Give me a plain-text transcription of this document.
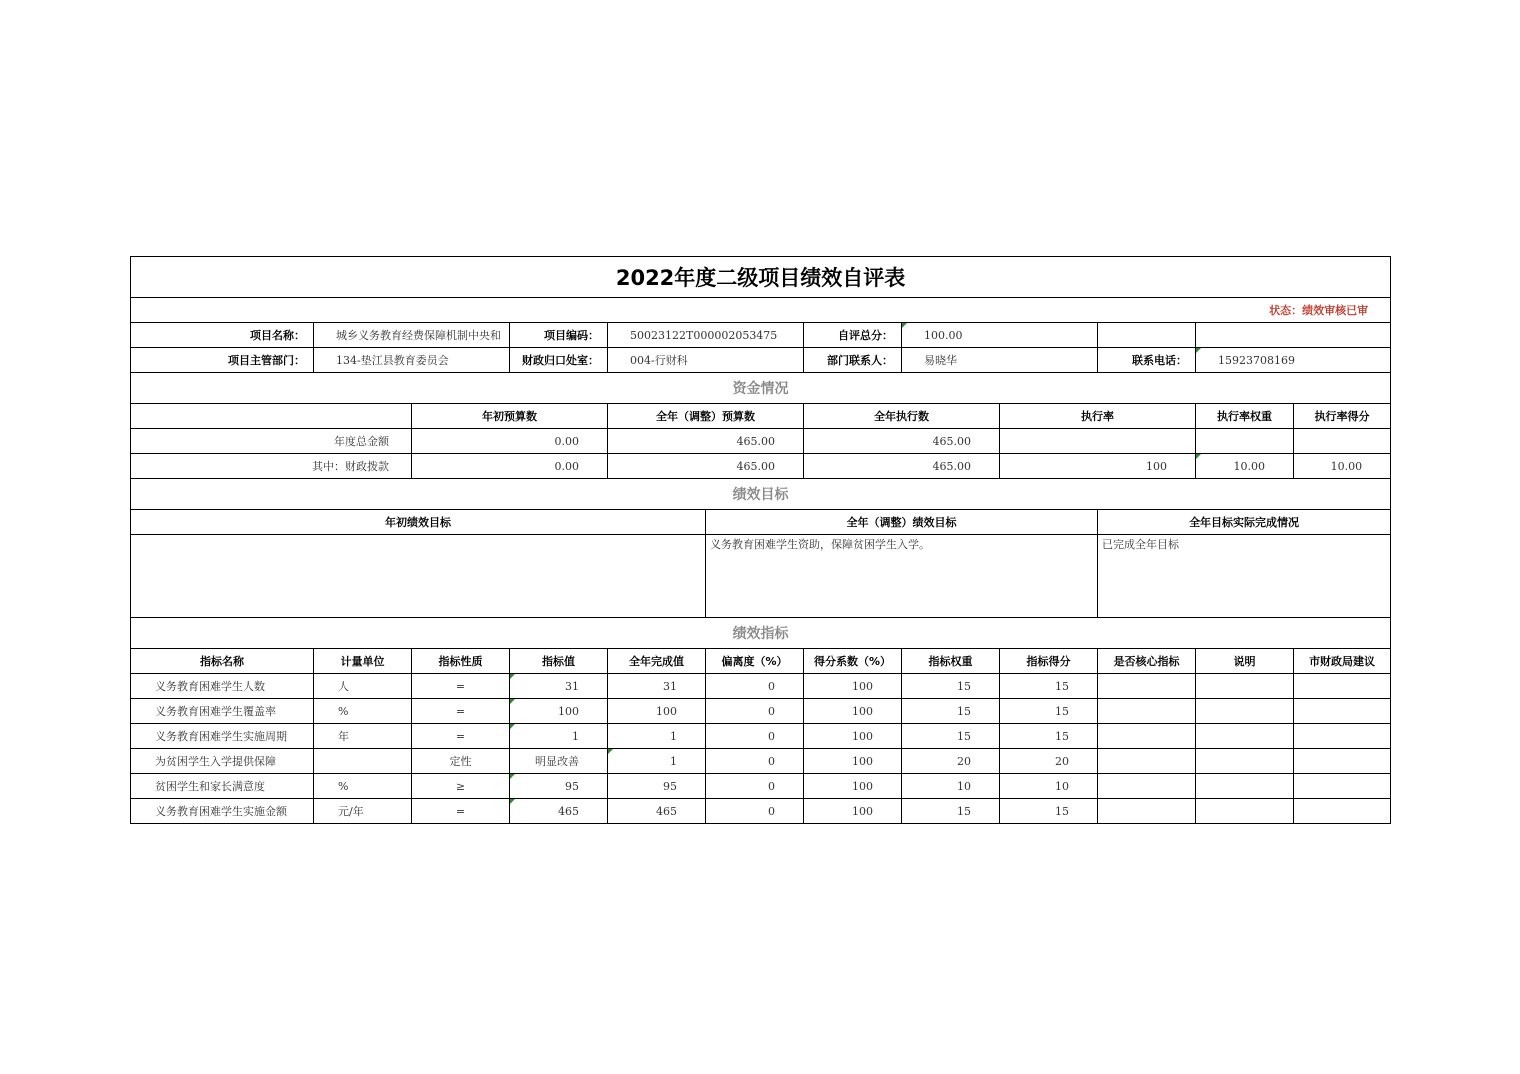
2022年度二级项目绩效自评表											
状态：绩效审核已审											
项目名称：	城乡义务教育经费保障机制中央和		项目编码：	50023122T000002053475		自评总分：	100.00				
项目主管部门：	134-垫江县教育委员会		财政归口处室：	004-行财科		部门联系人：	易晓华		联系电话：	15923708169	
资金情况											
		年初预算数		全年（调整）预算数		全年执行数		执行率		执行率权重	执行率得分
年度总金额		0.00		465.00		465.00					
其中：财政拨款		0.00		465.00		465.00		100		10.00	10.00
绩效目标											
年初绩效目标					全年（调整）绩效目标				全年目标实际完成情况		
					义务教育困难学生资助，保障贫困学生入学。				已完成全年目标		
绩效指标											
指标名称	计量单位	指标性质	指标值	全年完成值	偏离度（%）	得分系数（%）	指标权重	指标得分	是否核心指标	说明	市财政局建议
义务教育困难学生人数	人	=	31	31	0	100	15	15			
义务教育困难学生覆盖率	%	=	100	100	0	100	15	15			
义务教育困难学生实施周期	年	=	1	1	0	100	15	15			
为贫困学生入学提供保障		定性	明显改善	1	0	100	20	20			
贫困学生和家长满意度	%	≥	95	95	0	100	10	10			
义务教育困难学生实施金额	元/年	=	465	465	0	100	15	15			
